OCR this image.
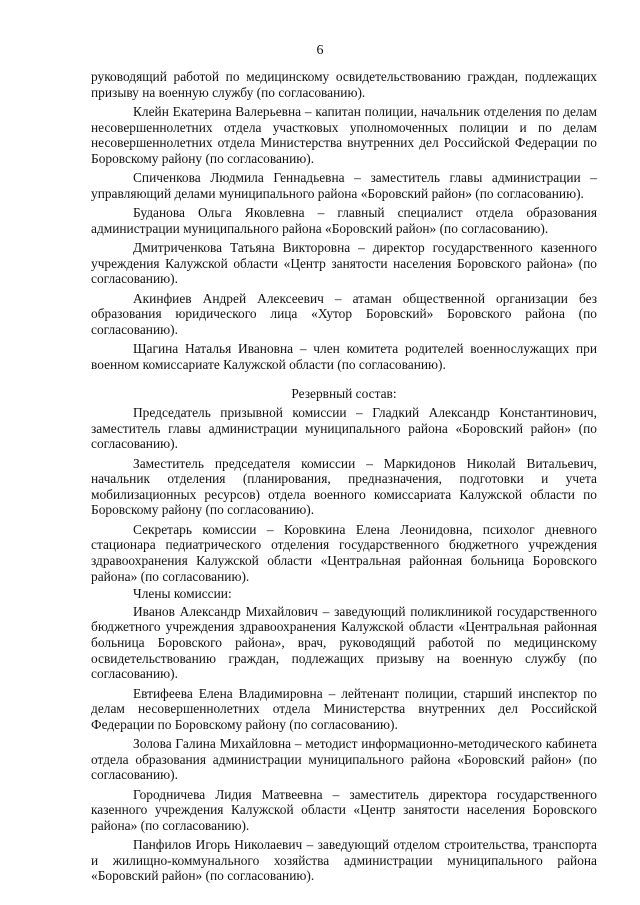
6

руководящий работой по медицинскому освидетельствованию граждан, подлежащих призыву на военную службу (по согласованию).

Клейн Екатерина Валерьевна – капитан полиции, начальник отделения по делам несовершеннолетних отдела участковых уполномоченных полиции и по делам несовершеннолетних отдела Министерства внутренних дел Российской Федерации по Боровскому району (по согласованию).

Спиченкова Людмила Геннадьевна – заместитель главы администрации – управляющий делами муниципального района «Боровский район» (по согласованию).

Буданова Ольга Яковлевна – главный специалист отдела образования администрации муниципального района «Боровский район» (по согласованию).

Дмитриченкова Татьяна Викторовна – директор государственного казенного учреждения Калужской области «Центр занятости населения Боровского района» (по согласованию).

Акинфиев Андрей Алексеевич – атаман общественной организации без образования юридического лица «Хутор Боровский» Боровского района (по согласованию).

Щагина Наталья Ивановна – член комитета родителей военнослужащих при военном комиссариате Калужской области (по согласованию).

Резервный состав:

Председатель призывной комиссии – Гладкий Александр Константинович, заместитель главы администрации муниципального района «Боровский район» (по согласованию).

Заместитель председателя комиссии – Маркидонов Николай Витальевич, начальник отделения (планирования, предназначения, подготовки и учета мобилизационных ресурсов) отдела военного комиссариата Калужской области по Боровскому району (по согласованию).

Секретарь комиссии – Коровкина Елена Леонидовна, психолог дневного стационара педиатрического отделения государственного бюджетного учреждения здравоохранения Калужской области «Центральная районная больница Боровского района» (по согласованию).

Члены комиссии:

Иванов Александр Михайлович – заведующий поликлиникой государственного бюджетного учреждения здравоохранения Калужской области «Центральная районная больница Боровского района», врач, руководящий работой по медицинскому освидетельствованию граждан, подлежащих призыву на военную службу (по согласованию).

Евтифеева Елена Владимировна – лейтенант полиции, старший инспектор по делам несовершеннолетних отдела Министерства внутренних дел Российской Федерации по Боровскому району (по согласованию).

Золова Галина Михайловна – методист информационно-методического кабинета отдела образования администрации муниципального района «Боровский район» (по согласованию).

Городничева Лидия Матвеевна – заместитель директора государственного казенного учреждения Калужской области «Центр занятости населения Боровского района» (по согласованию).

Панфилов Игорь Николаевич – заведующий отделом строительства, транспорта и жилищно-коммунального хозяйства администрации муниципального района «Боровский район» (по согласованию).
